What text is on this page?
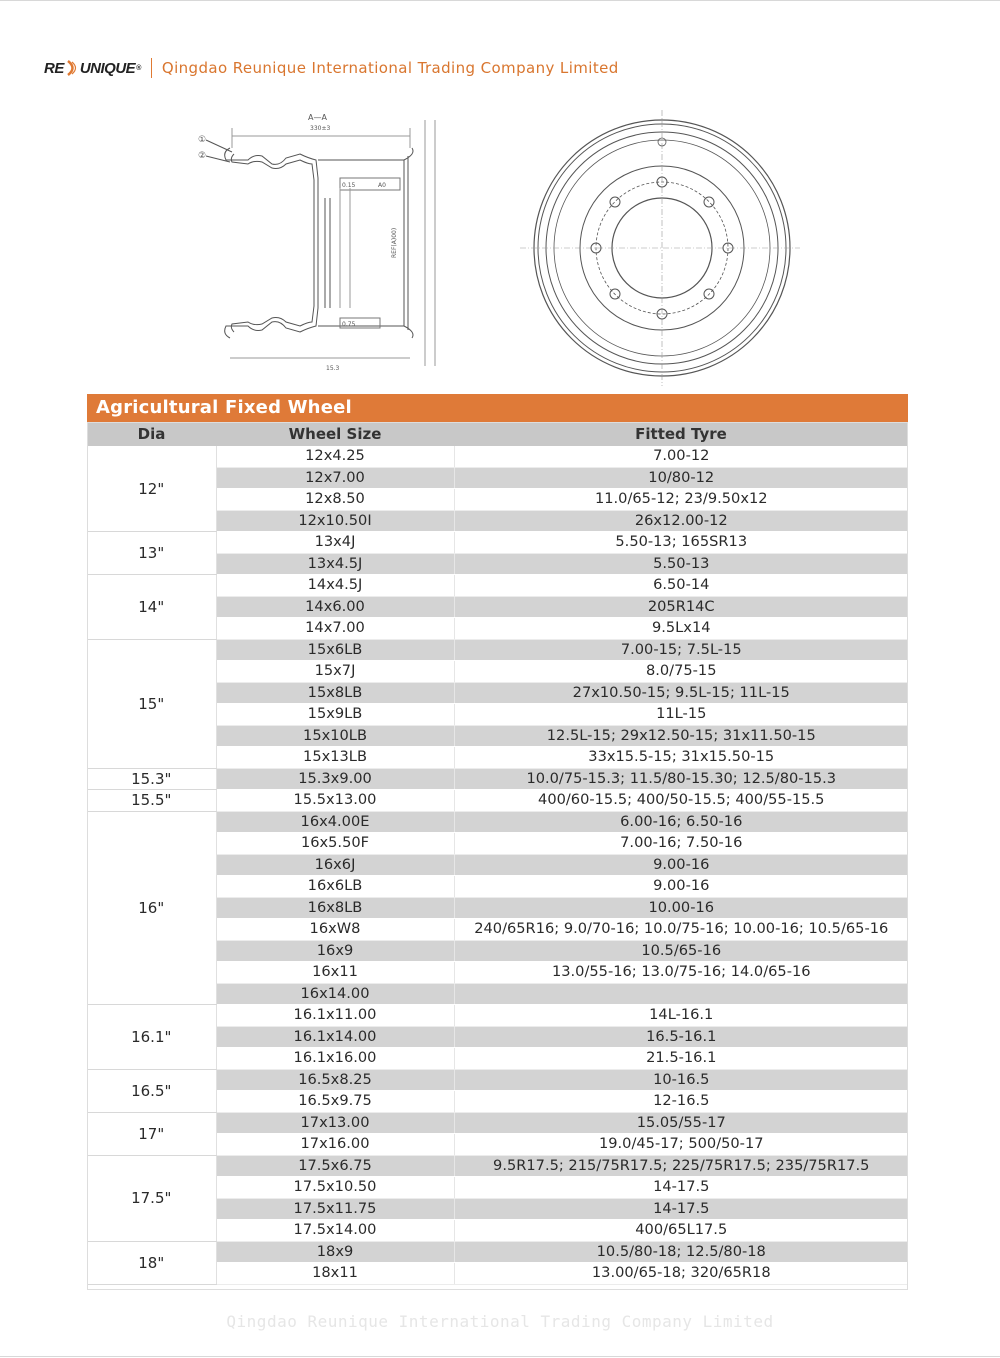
RE UNIQUE ® Qingdao Reunique International Trading Company Limited
A—A
330±3
0.15	A0
0.75
①
②
REF(A)00)
15.3
Agricultural Fixed Wheel
Dia	Wheel Size	Fitted Tyre
12"	12x4.25	7.00-12
	12x7.00	10/80-12
	12x8.50	11.0/65-12; 23/9.50x12
	12x10.50I	26x12.00-12
13"	13x4J	5.50-13; 165SR13
	13x4.5J	5.50-13
14"	14x4.5J	6.50-14
	14x6.00	205R14C
	14x7.00	9.5Lx14
15"	15x6LB	7.00-15; 7.5L-15
	15x7J	8.0/75-15
	15x8LB	27x10.50-15; 9.5L-15; 11L-15
	15x9LB	11L-15
	15x10LB	12.5L-15; 29x12.50-15; 31x11.50-15
	15x13LB	33x15.5-15; 31x15.50-15
15.3"	15.3x9.00	10.0/75-15.3; 11.5/80-15.30; 12.5/80-15.3
15.5"	15.5x13.00	400/60-15.5; 400/50-15.5; 400/55-15.5
16"	16x4.00E	6.00-16; 6.50-16
	16x5.50F	7.00-16; 7.50-16
	16x6J	9.00-16
	16x6LB	9.00-16
	16x8LB	10.00-16
	16xW8	240/65R16; 9.0/70-16; 10.0/75-16; 10.00-16; 10.5/65-16
	16x9	10.5/65-16
	16x11	13.0/55-16; 13.0/75-16; 14.0/65-16
	16x14.00	
16.1"	16.1x11.00	14L-16.1
	16.1x14.00	16.5-16.1
	16.1x16.00	21.5-16.1
16.5"	16.5x8.25	10-16.5
	16.5x9.75	12-16.5
17"	17x13.00	15.05/55-17
	17x16.00	19.0/45-17; 500/50-17
17.5"	17.5x6.75	9.5R17.5; 215/75R17.5; 225/75R17.5; 235/75R17.5
	17.5x10.50	14-17.5
	17.5x11.75	14-17.5
	17.5x14.00	400/65L17.5
18"	18x9	10.5/80-18; 12.5/80-18
	18x11	13.00/65-18; 320/65R18
Qingdao Reunique International Trading Company Limited
